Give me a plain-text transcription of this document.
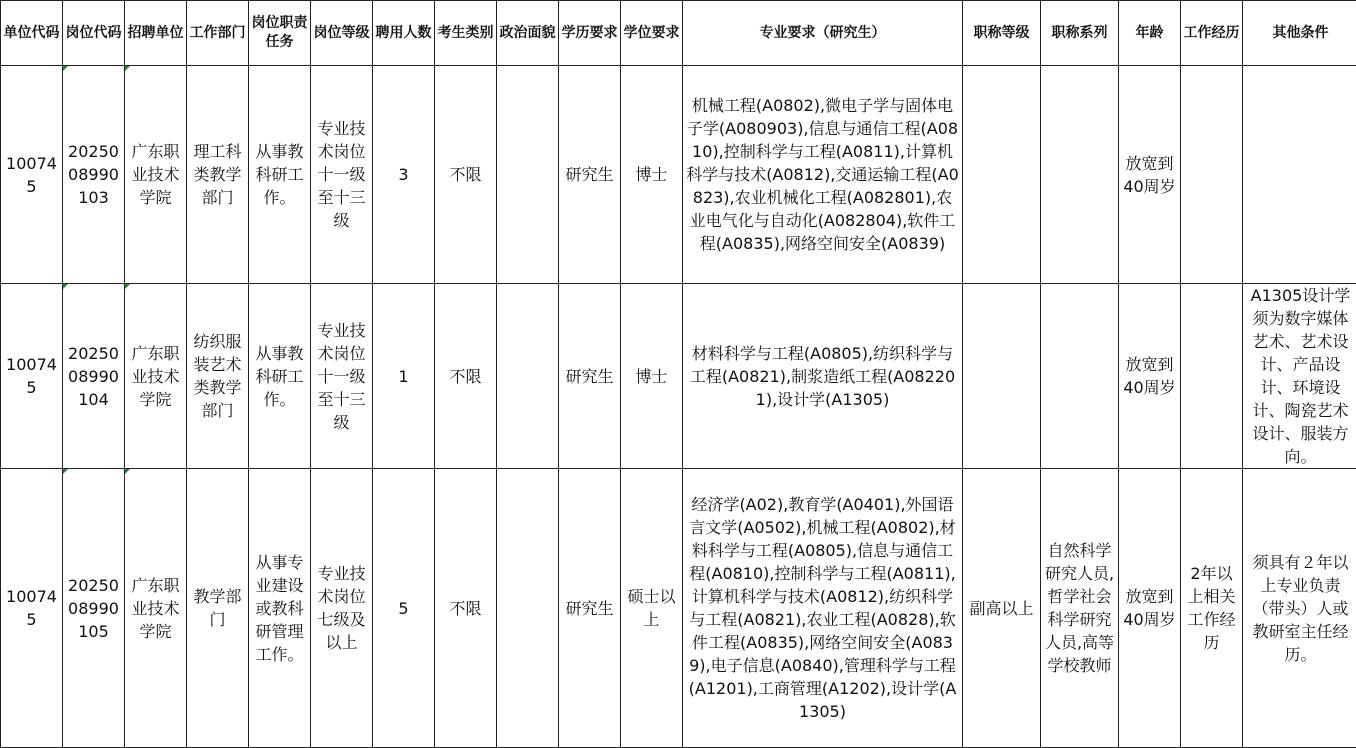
单位代码	岗位代码	招聘单位	工作部门	岗位职责任务	岗位等级	聘用人数	考生类别	政治面貌	学历要求	学位要求	专业要求（研究生）	职称等级	职称系列	年龄	工作经历	其他条件
100745	2025008990103	广东职业技术学院	理工科类教学部门	从事教科研工作。	专业技术岗位十一级至十三级	3	不限		研究生	博士	机械工程(A0802),微电子学与固体电子学(A080903),信息与通信工程(A0810),控制科学与工程(A0811),计算机科学与技术(A0812),交通运输工程(A0823),农业机械化工程(A082801),农业电气化与自动化(A082804),软件工程(A0835),网络空间安全(A0839)			放宽到40周岁		
100745	2025008990104	广东职业技术学院	纺织服装艺术类教学部门	从事教科研工作。	专业技术岗位十一级至十三级	1	不限		研究生	博士	材料科学与工程(A0805),纺织科学与工程(A0821),制浆造纸工程(A082201),设计学(A1305)			放宽到40周岁		A1305设计学须为数字媒体艺术、艺术设计、产品设计、环境设计、陶瓷艺术设计、服装方向。
100745	2025008990105	广东职业技术学院	教学部门	从事专业建设或教科研管理工作。	专业技术岗位七级及以上	5	不限		研究生	硕士以上	经济学(A02),教育学(A0401),外国语言文学(A0502),机械工程(A0802),材料科学与工程(A0805),信息与通信工程(A0810),控制科学与工程(A0811),计算机科学与技术(A0812),纺织科学与工程(A0821),农业工程(A0828),软件工程(A0835),网络空间安全(A0839),电子信息(A0840),管理科学与工程(A1201),工商管理(A1202),设计学(A1305)	副高以上	自然科学研究人员,哲学社会科学研究人员,高等学校教师	放宽到40周岁	2年以上相关工作经历	须具有２年以上专业负责（带头）人或教研室主任经历。
